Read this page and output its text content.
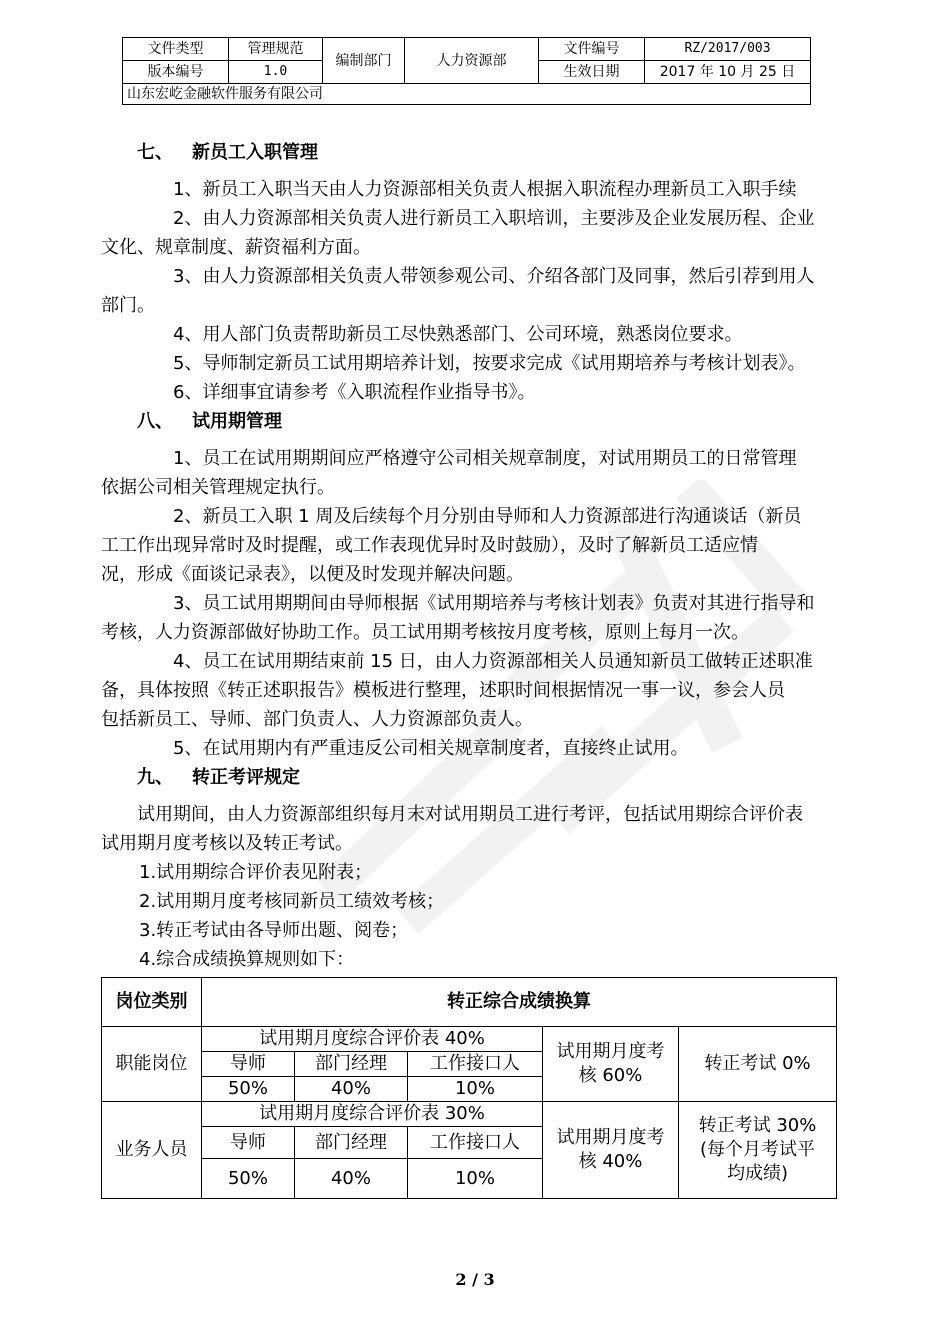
文件类型	管理规范	编制部门	人力资源部	文件编号	RZ/2017/003
版本编号	1.0			生效日期	2017 年 10 月 25 日
山东宏屹金融软件服务有限公司					

七、 新员工入职管理

1、新员工入职当天由人力资源部相关负责人根据入职流程办理新员工入职手续

2、由人力资源部相关负责人进行新员工入职培训，主要涉及企业发展历程、企业

文化、规章制度、薪资福利方面。

3、由人力资源部相关负责人带领参观公司、介绍各部门及同事，然后引荐到用人

部门。

4、用人部门负责帮助新员工尽快熟悉部门、公司环境，熟悉岗位要求。

5、导师制定新员工试用期培养计划，按要求完成《试用期培养与考核计划表》。

6、详细事宜请参考《入职流程作业指导书》。

八、 试用期管理

1、员工在试用期期间应严格遵守公司相关规章制度，对试用期员工的日常管理

依据公司相关管理规定执行。

2、新员工入职 1 周及后续每个月分别由导师和人力资源部进行沟通谈话（新员

工工作出现异常时及时提醒，或工作表现优异时及时鼓励），及时了解新员工适应情

况，形成《面谈记录表》，以便及时发现并解决问题。

3、员工试用期期间由导师根据《试用期培养与考核计划表》负责对其进行指导和

考核，人力资源部做好协助工作。员工试用期考核按月度考核，原则上每月一次。

4、员工在试用期结束前 15 日，由人力资源部相关人员通知新员工做转正述职准

备，具体按照《转正述职报告》模板进行整理，述职时间根据情况一事一议，参会人员

包括新员工、导师、部门负责人、人力资源部负责人。

5、在试用期内有严重违反公司相关规章制度者，直接终止试用。

九、 转正考评规定

试用期间，由人力资源部组织每月末对试用期员工进行考评，包括试用期综合评价表

试用期月度考核以及转正考试。

1.试用期综合评价表见附表；

2.试用期月度考核同新员工绩效考核；

3.转正考试由各导师出题、阅卷；

4.综合成绩换算规则如下：

岗位类别	转正综合成绩换算				
职能岗位	试用期月度综合评价表 40%			试用期月度考核 60%	转正考试 0%
	导师	部门经理	工作接口人		
	50%	40%	10%		
业务人员	试用期月度综合评价表 30%			试用期月度考核 40%	转正考试 30%(每个月考试平均成绩)
	导师	部门经理	工作接口人		
	50%	40%	10%		
2 / 3
